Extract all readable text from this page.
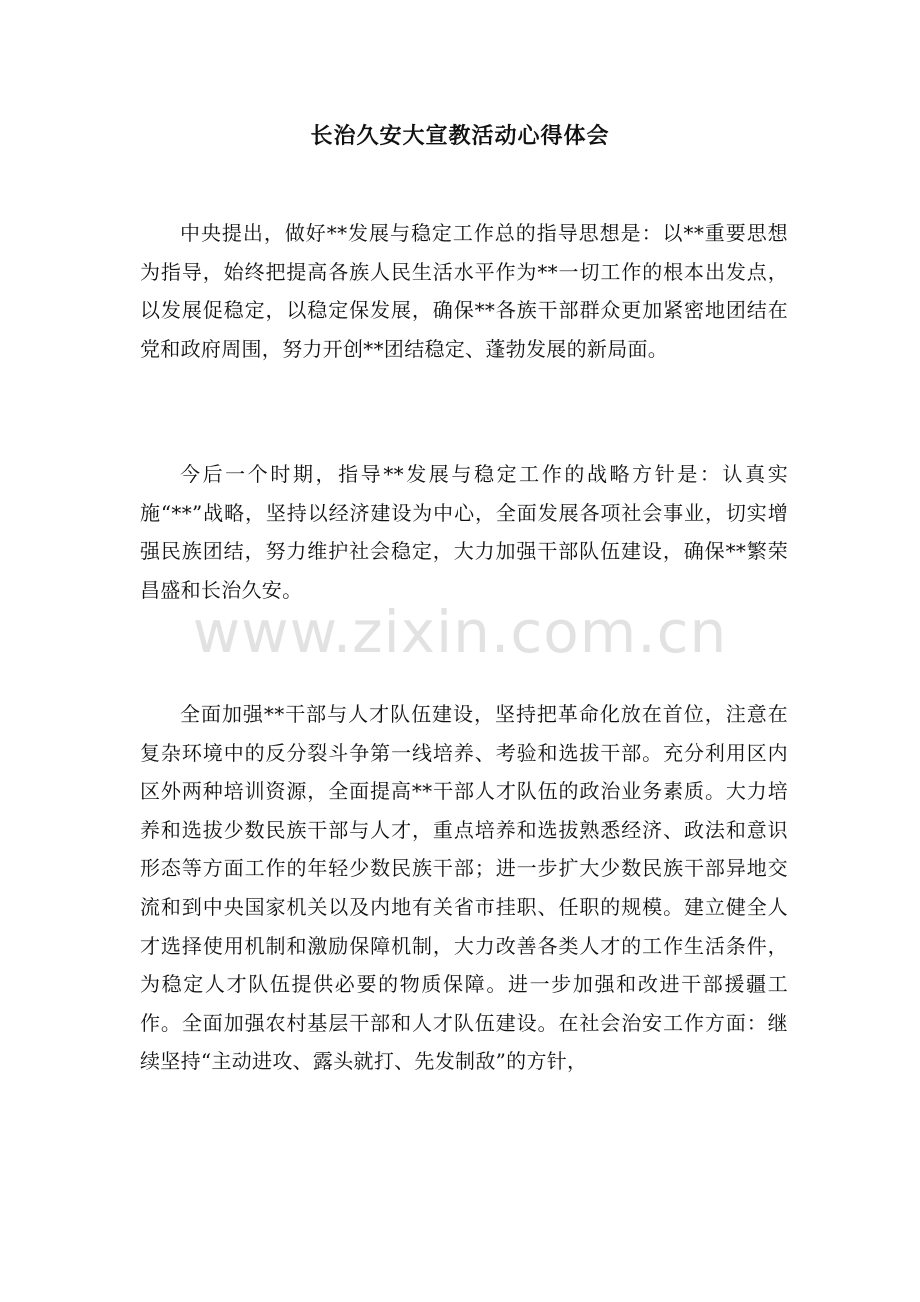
长治久安大宣教活动心得体会

中央提出，做好**发展与稳定工作总的指导思想是：以**重要思想为指导，始终把提高各族人民生活水平作为**一切工作的根本出发点，以发展促稳定，以稳定保发展，确保**各族干部群众更加紧密地团结在党和政府周围，努力开创**团结稳定、蓬勃发展的新局面。

今后一个时期，指导**发展与稳定工作的战略方针是：认真实施“**”战略，坚持以经济建设为中心，全面发展各项社会事业，切实增强民族团结，努力维护社会稳定，大力加强干部队伍建设，确保**繁荣昌盛和长治久安。

全面加强**干部与人才队伍建设，坚持把革命化放在首位，注意在复杂环境中的反分裂斗争第一线培养、考验和选拔干部。充分利用区内区外两种培训资源，全面提高**干部人才队伍的政治业务素质。大力培养和选拔少数民族干部与人才，重点培养和选拔熟悉经济、政法和意识形态等方面工作的年轻少数民族干部；进一步扩大少数民族干部异地交流和到中央国家机关以及内地有关省市挂职、任职的规模。建立健全人才选择使用机制和激励保障机制，大力改善各类人才的工作生活条件，为稳定人才队伍提供必要的物质保障。进一步加强和改进干部援疆工作。全面加强农村基层干部和人才队伍建设。在社会治安工作方面：继续坚持“主动进攻、露头就打、先发制敌”的方针，

www.zixin.com.cn
